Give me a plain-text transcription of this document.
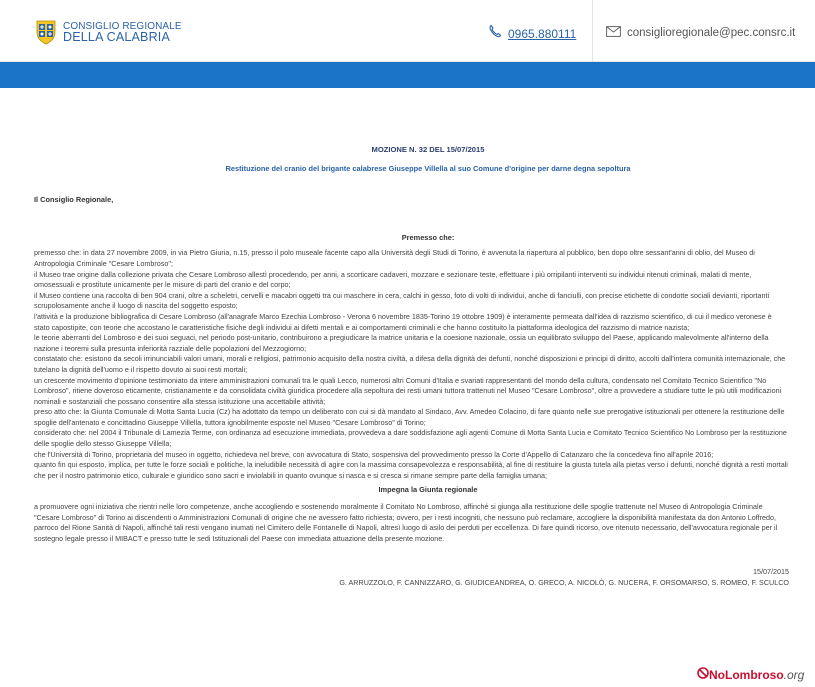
CONSIGLIO REGIONALE
DELLA CALABRIA	0965.880111	consiglioregionale@pec.consrc.it
MOZIONE N. 32 DEL 15/07/2015
Restituzione del cranio del brigante calabrese Giuseppe Villella al suo Comune d'origine per darne degna sepoltura
Il Consiglio Regionale,
Premesso che:
premesso che: in data 27 novembre 2009, in via Pietro Giuria, n.15, presso il polo museale facente capo alla Università degli Studi di Torino, è avvenuta la riapertura al pubblico, ben dopo oltre sessant'anni di oblio, del Museo di Antropologia Criminale "Cesare Lombroso";
il Museo trae origine dalla collezione privata che Cesare Lombroso allestì procedendo, per anni, a scorticare cadaveri, mozzare e sezionare teste, effettuare i più orripilanti interventi su individui ritenuti criminali, malati di mente, omosessuali e prostitute unicamente per le misure di parti del cranio e del corpo;
il Museo contiene una raccolta di ben 904 crani, oltre a scheletri, cervelli e macabri oggetti tra cui maschere in cera, calchi in gesso, foto di volti di individui, anche di fanciulli, con precise etichette di condotte sociali devianti, riportanti scrupolosamente anche il luogo di nascita del soggetto esposto;
l'attività e la produzione bibliografica di Cesare Lombroso (all'anagrafe Marco Ezechia Lombroso - Verona 6 novembre 1835-Torino 19 ottobre 1909) è interamente permeata dall'idea di razzismo scientifico, di cui il medico veronese è stato capostipite, con teorie che accostano le caratteristiche fisiche degli individui ai difetti mentali e ai comportamenti criminali e che hanno costituito la piattaforma ideologica del razzismo di matrice nazista;
le teorie aberranti del Lombroso e dei suoi seguaci, nel periodo post-unitario, contribuirono a pregiudicare la matrice unitaria e la coesione nazionale, ossia un equilibrato sviluppo del Paese, applicando malevolmente all'interno della nazione i teoremi sulla presunta inferiorità razziale delle popolazioni del Mezzogiorno;
constatato che: esistono da secoli irrinunciabili valori umani, morali e religiosi, patrimonio acquisito della nostra civiltà, a difesa della dignità dei defunti, nonché disposizioni e principi di diritto, accolti dall'intera comunità internazionale, che tutelano la dignità dell'uomo e il rispetto dovuto ai suoi resti mortali;
un crescente movimento d'opinione testimoniato da intere amministrazioni comunali tra le quali Lecco, numerosi altri Comuni d'Italia e svariati rappresentanti del mondo della cultura, condensato nel Comitato Tecnico Scientifico "No Lombroso", ritiene doveroso eticamente, cristianamente e da consolidata civiltà giuridica procedere alla sepoltura dei resti umani tuttora trattenuti nel Museo "Cesare Lombroso", oltre a provvedere a studiare tutte le più utili modificazioni nominali e sostanziali che possano consentire alla stessa istituzione una accettabile attività;
preso atto che: la Giunta Comunale di Motta Santa Lucia (Cz) ha adottato da tempo un deliberato con cui si dà mandato al Sindaco, Avv. Amedeo Colacino, di fare quanto nelle sue prerogative istituzionali per ottenere la restituzione delle spoglie dell'antenato e concittadino Giuseppe Villella, tuttora ignobilmente esposte nel Museo "Cesare Lombroso" di Torino;
considerato che: nel 2004 il Tribunale di Lamezia Terme, con ordinanza ad esecuzione immediata, provvedeva a dare soddisfazione agli agenti Comune di Motta Santa Lucia e Comitato Tecnico Scientifico No Lombroso per la restituzione delle spoglie dello stesso Giuseppe Villella;
che l'Università di Torino, proprietaria del museo in oggetto, richiedeva nel breve, con avvocatura di Stato, sospensiva del provvedimento presso la Corte d'Appello di Catanzaro che la concedeva fino all'aprile 2016;
quanto fin qui esposto, implica, per tutte le forze sociali e politiche, la ineludibile necessità di agire con la massima consapevolezza e responsabilità, al fine di restituire la giusta tutela alla pietas verso i defunti, nonché dignità a resti mortali che per il nostro patrimonio etico, culturale e giuridico sono sacri e inviolabili in quanto ovunque si nasca e si cresca si rimane sempre parte della famiglia umana;
Impegna la Giunta regionale
a promuovere ogni iniziativa che rientri nelle loro competenze, anche accogliendo e sostenendo moralmente il Comitato No Lombroso, affinché si giunga alla restituzione delle spoglie trattenute nel Museo di Antropologia Criminale "Cesare Lombroso" di Torino ai discendenti o Amministrazioni Comunali di origine che ne avessero fatto richiesta; ovvero, per i resti incogniti, che nessuno può reclamare, accogliere la disponibilità manifestata da don Antonio Loffredo, parroco del Rione Sanità di Napoli, affinché tali resti vengano inumati nel Cimitero delle Fontanelle di Napoli, altresì luogo di asilo dei perduti per eccellenza. Di fare quindi ricorso, ove ritenuto necessario, dell'avvocatura regionale per il sostegno legale presso il MIBACT e presso tutte le sedi Istituzionali del Paese con immediata attuazione della presente mozione.
15/07/2015
G. ARRUZZOLO, F. CANNIZZARO, G. GIUDICEANDREA, O. GRECO, A. NICOLÒ, G. NUCERA, F. ORSOMARSO, S. ROMEO, F. SCULCO
No Lombroso .org
